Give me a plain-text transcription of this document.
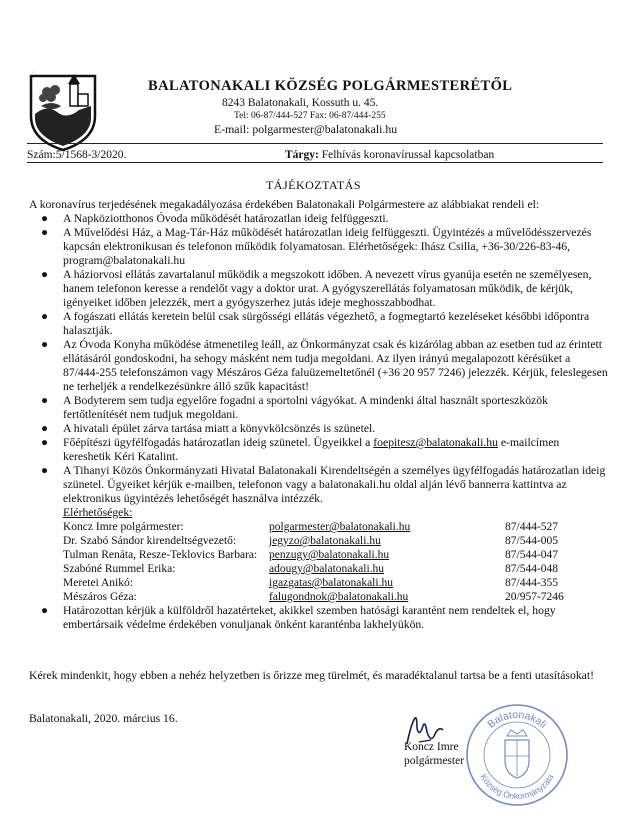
·
BALATONAKALI KÖZSÉG POLGÁRMESTERÉTŐL
8243 Balatonakali, Kossuth u. 45.
Tel: 06-87/444-527 Fax: 06-87/444-255
E-mail: polgarmester@balatonakali.hu
Szám:5/1568-3/2020.	Tárgy: Felhívás koronavírussal kapcsolatban
TÁJÉKOZTATÁS

A koronavírus terjedésének megakadályozása érdekében Balatonakali Polgármestere az alábbiakat rendeli el:

● A Napköziotthonos Óvoda működését határozatlan ideig felfüggeszti.
● A Művelődési Ház, a Mag-Tár-Ház működését határozatlan ideig felfüggeszti. Ügyintézés a művelődésszervezés kapcsán elektronikusan és telefonon működik folyamatosan. Elérhetőségek: Ihász Csilla, +36-30/226-83-46, program@balatonakali.hu
● A háziorvosi ellátás zavartalanul működik a megszokott időben. A nevezett vírus gyanúja esetén ne személyesen, hanem telefonon keresse a rendelőt vagy a doktor urat. A gyógyszerellátás folyamatosan működik, de kérjük, igényeiket időben jelezzék, mert a gyógyszerhez jutás ideje meghosszabbodhat.
● A fogászati ellátás keretein belül csak sürgősségi ellátás végezhető, a fogmegtartó kezeléseket későbbi időpontra halasztják.
● Az Óvoda Konyha működése átmenetileg leáll, az Önkormányzat csak és kizárólag abban az esetben tud az érintett ellátásáról gondoskodni, ha sehogy másként nem tudja megoldani. Az ilyen irányú megalapozott kérésüket a 87/444-255 telefonszámon vagy Mészáros Géza faluüzemeltetőnél (+36 20 957 7246) jelezzék. Kérjük, feleslegesen ne terheljék a rendelkezésünkre álló szűk kapacitást!
● A Bodyterem sem tudja egyelőre fogadni a sportolni vágyókat. A mindenki által használt sporteszközök fertőtlenítését nem tudjuk megoldani.
● A hivatali épület zárva tartása miatt a könyvkölcsönzés is szünetel.
● Főépítészi ügyfélfogadás határozatlan ideig szünetel. Ügyeikkel a foepitesz@balatonakali.hu e-mailcímen kereshetik Kéri Katalint.
● A Tihanyi Közös Önkormányzati Hivatal Balatonakali Kirendeltségén a személyes ügyfélfogadás határozatlan ideig szünetel. Ügyeiket kérjük e-mailben, telefonon vagy a balatonakali.hu oldal alján lévő bannerra kattintva az elektronikus ügyintézés lehetőségét használva intézzék.

Elérhetőségek:

Koncz Imre polgármester:	polgarmester@balatonakali.hu	87/444-527
Dr. Szabó Sándor kirendeltségvezető:	jegyzo@balatonakali.hu	87/544-005
Tulman Renáta, Resze-Teklovics Barbara:	penzugy@balatonakali.hu	87/544-047
Szabóné Rummel Erika:	adougy@balatonakali.hu	87/544-048
Meretei Anikó:	igazgatas@balatonakali.hu	87/444-355
Mészáros Géza:	falugondnok@balatonakali.hu	20/957-7246
● Határozottan kérjük a külföldről hazatérteket, akikkel szemben hatósági karantént nem rendeltek el, hogy embertársaik védelme érdekében vonuljanak önként karanténba lakhelyükön.
Kérek mindenkit, hogy ebben a nehéz helyzetben is őrizze meg türelmét, és maradéktalanul tartsa be a fenti utasításokat!
Balatonakali, 2020. március 16.	Balatonakali
Község Önkormányzata
Koncz Imre
polgármester
